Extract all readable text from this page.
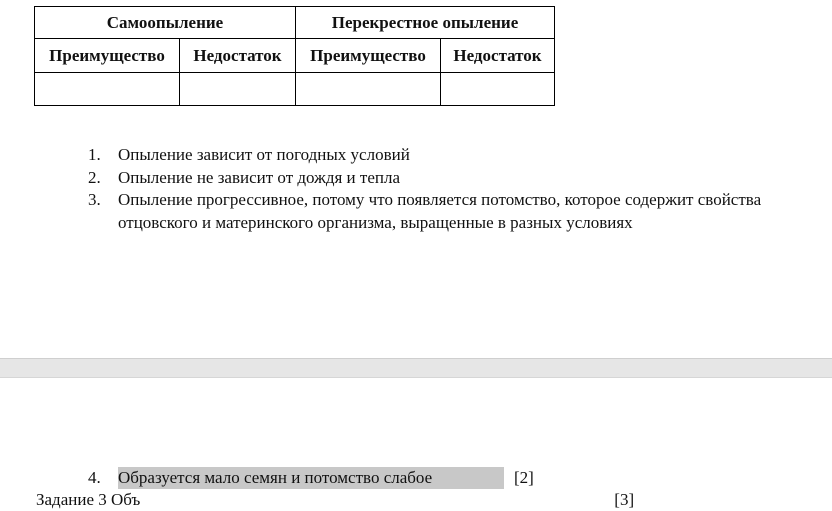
Самоопыление		Перекрестное опыление	
Преимущество	Недостаток	Преимущество	Недостаток

1. Опыление зависит от погодных условий
2. Опыление не зависит от дождя и тепла
3. Опыление прогрессивное, потому что появляется потомство, которое содержит свойства отцовского и материнского организма, выращенные в разных условиях
4. Образуется мало семян и потомство слабое	[2]
Задание 3 Объ	[3]
